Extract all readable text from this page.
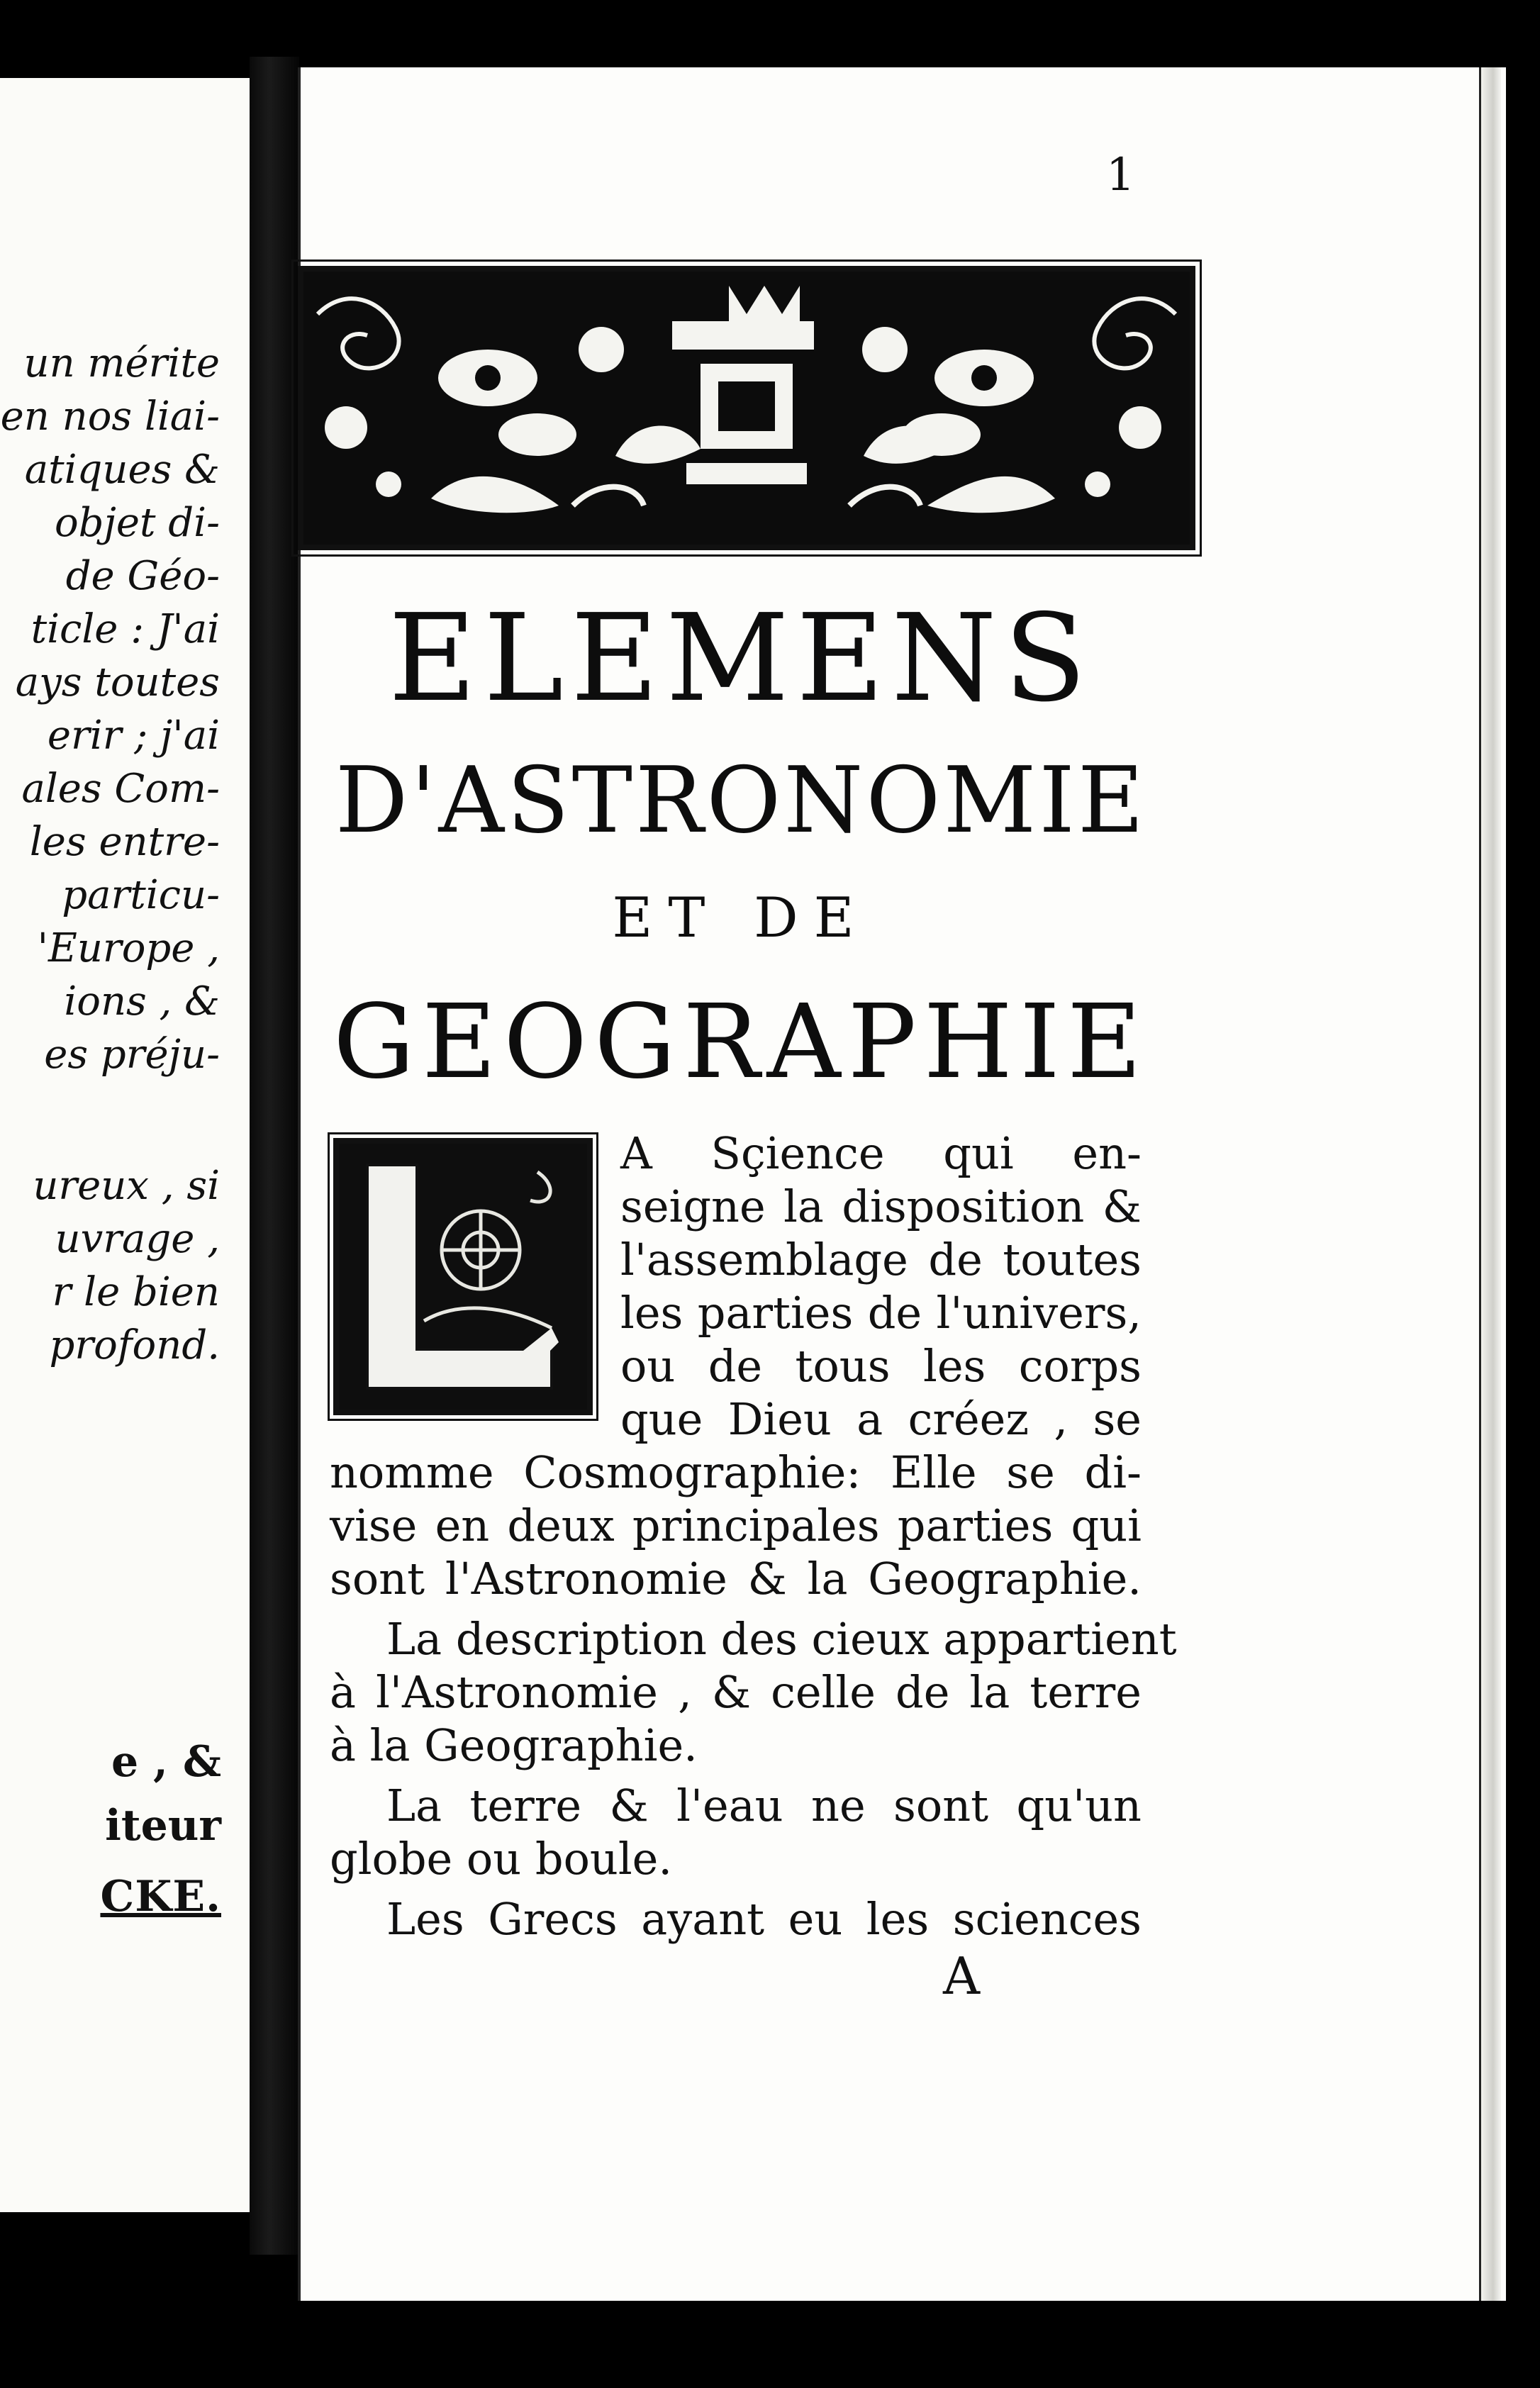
un mérite
en nos liai-
atiques &
objet di-
de Géo-
ticle : J'ai
ays toutes
erir ; j'ai
ales Com-
les entre-
particu-
'Europe ,
ions , &
es préju-
ureux , si
uvrage ,
r le bien
profond.
e , &
iteur
CKE.
1
ELEMENS
D'ASTRONOMIE
ET DE
GEOGRAPHIE
A Sçience qui en-
seigne la disposition &
l'assemblage de toutes
les parties de l'univers,
ou de tous les corps
que Dieu a créez , se
nomme Cosmographie: Elle se di-
vise en deux principales parties qui
sont l'Astronomie & la Geographie.
La description des cieux appartient
à l'Astronomie , & celle de la terre
à la Geographie.
La terre & l'eau ne sont qu'un
globe ou boule.
Les Grecs ayant eu les sciences
A
